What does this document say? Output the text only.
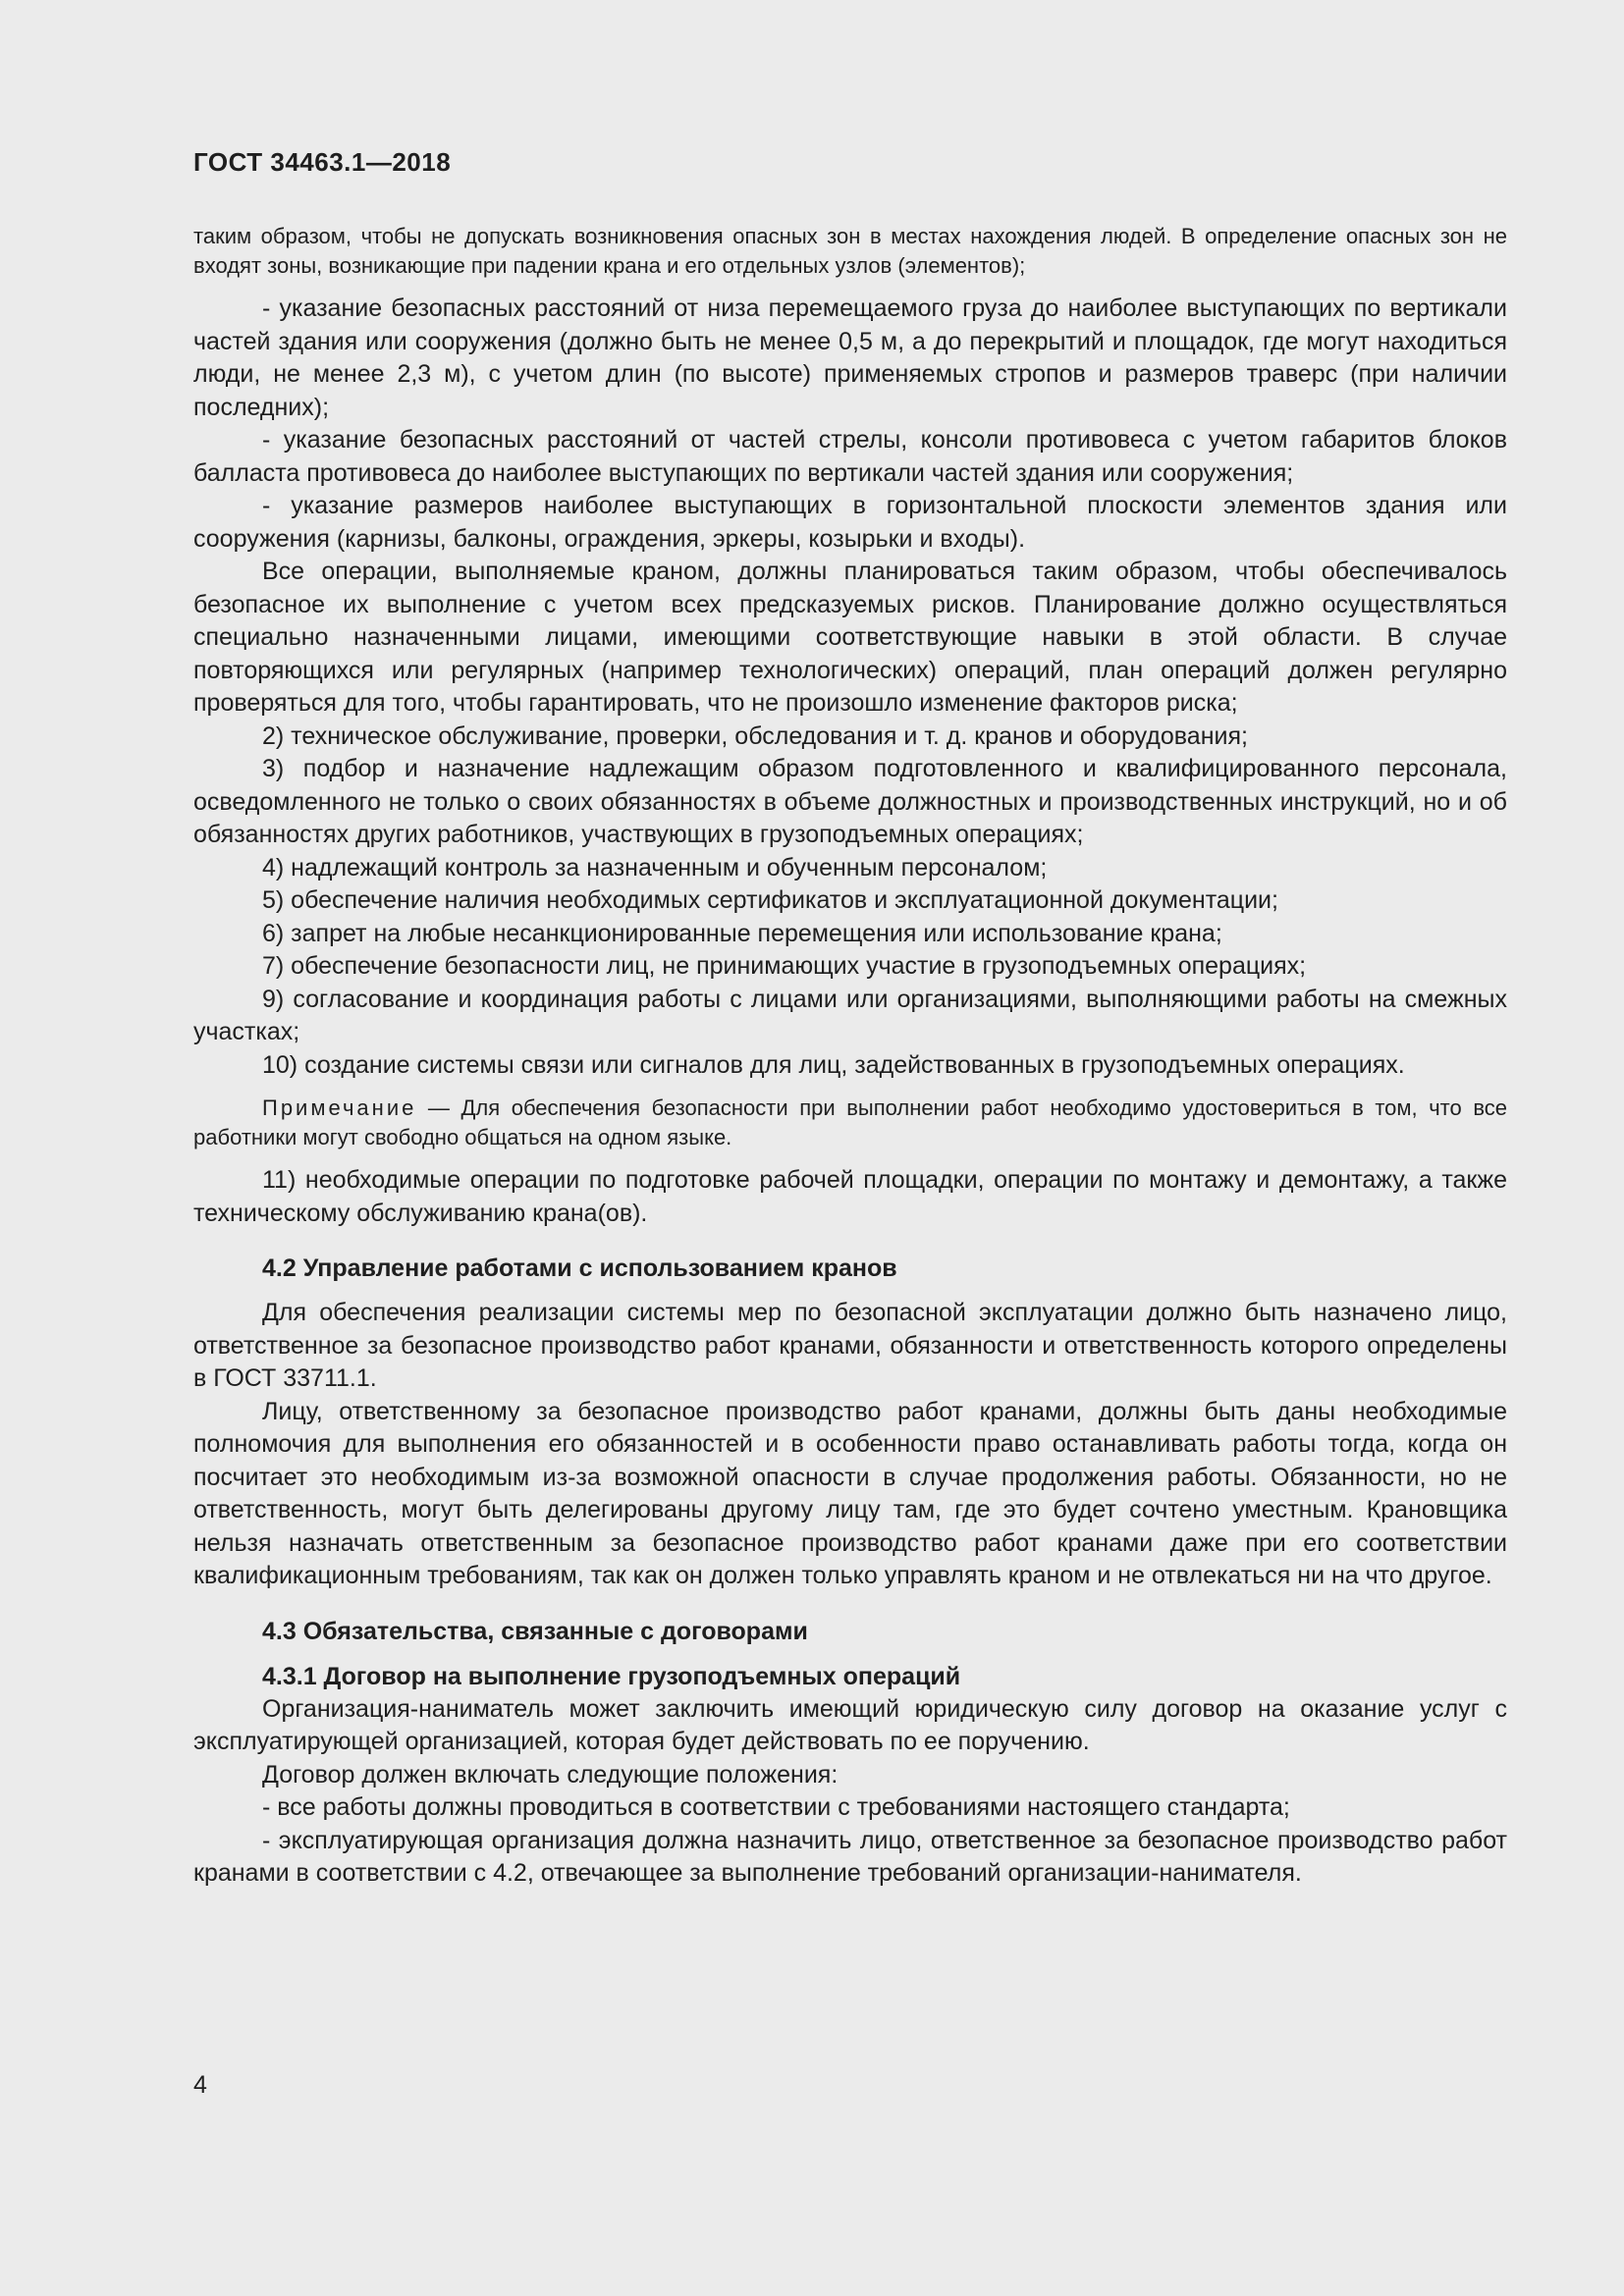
ГОСТ 34463.1—2018

таким образом, чтобы не допускать возникновения опасных зон в местах нахождения людей. В определение опасных зон не входят зоны, возникающие при падении крана и его отдельных узлов (элементов);

- указание безопасных расстояний от низа перемещаемого груза до наиболее выступающих по вертикали частей здания или сооружения (должно быть не менее 0,5 м, а до перекрытий и площадок, где могут находиться люди, не менее 2,3 м), с учетом длин (по высоте) применяемых стропов и размеров траверс (при наличии последних);

- указание безопасных расстояний от частей стрелы, консоли противовеса с учетом габаритов блоков балласта противовеса до наиболее выступающих по вертикали частей здания или сооружения;

- указание размеров наиболее выступающих в горизонтальной плоскости элементов здания или сооружения (карнизы, балконы, ограждения, эркеры, козырьки и входы).

Все операции, выполняемые краном, должны планироваться таким образом, чтобы обеспечивалось безопасное их выполнение с учетом всех предсказуемых рисков. Планирование должно осуществляться специально назначенными лицами, имеющими соответствующие навыки в этой области. В случае повторяющихся или регулярных (например технологических) операций, план операций должен регулярно проверяться для того, чтобы гарантировать, что не произошло изменение факторов риска;

2) техническое обслуживание, проверки, обследования и т. д. кранов и оборудования;

3) подбор и назначение надлежащим образом подготовленного и квалифицированного персонала, осведомленного не только о своих обязанностях в объеме должностных и производственных инструкций, но и об обязанностях других работников, участвующих в грузоподъемных операциях;

4) надлежащий контроль за назначенным и обученным персоналом;

5) обеспечение наличия необходимых сертификатов и эксплуатационной документации;

6) запрет на любые несанкционированные перемещения или использование крана;

7) обеспечение безопасности лиц, не принимающих участие в грузоподъемных операциях;

9) согласование и координация работы с лицами или организациями, выполняющими работы на смежных участках;

10) создание системы связи или сигналов для лиц, задействованных в грузоподъемных операциях.

Примечание — Для обеспечения безопасности при выполнении работ необходимо удостовериться в том, что все работники могут свободно общаться на одном языке.

11) необходимые операции по подготовке рабочей площадки, операции по монтажу и демонтажу, а также техническому обслуживанию крана(ов).

4.2 Управление работами с использованием кранов

Для обеспечения реализации системы мер по безопасной эксплуатации должно быть назначено лицо, ответственное за безопасное производство работ кранами, обязанности и ответственность которого определены в ГОСТ 33711.1.

Лицу, ответственному за безопасное производство работ кранами, должны быть даны необходимые полномочия для выполнения его обязанностей и в особенности право останавливать работы тогда, когда он посчитает это необходимым из-за возможной опасности в случае продолжения работы. Обязанности, но не ответственность, могут быть делегированы другому лицу там, где это будет сочтено уместным. Крановщика нельзя назначать ответственным за безопасное производство работ кранами даже при его соответствии квалификационным требованиям, так как он должен только управлять краном и не отвлекаться ни на что другое.

4.3 Обязательства, связанные с договорами
4.3.1 Договор на выполнение грузоподъемных операций

Организация-наниматель может заключить имеющий юридическую силу договор на оказание услуг с эксплуатирующей организацией, которая будет действовать по ее поручению.

Договор должен включать следующие положения:

- все работы должны проводиться в соответствии с требованиями настоящего стандарта;

- эксплуатирующая организация должна назначить лицо, ответственное за безопасное производство работ кранами в соответствии с 4.2, отвечающее за выполнение требований организации-нанимателя.

4
